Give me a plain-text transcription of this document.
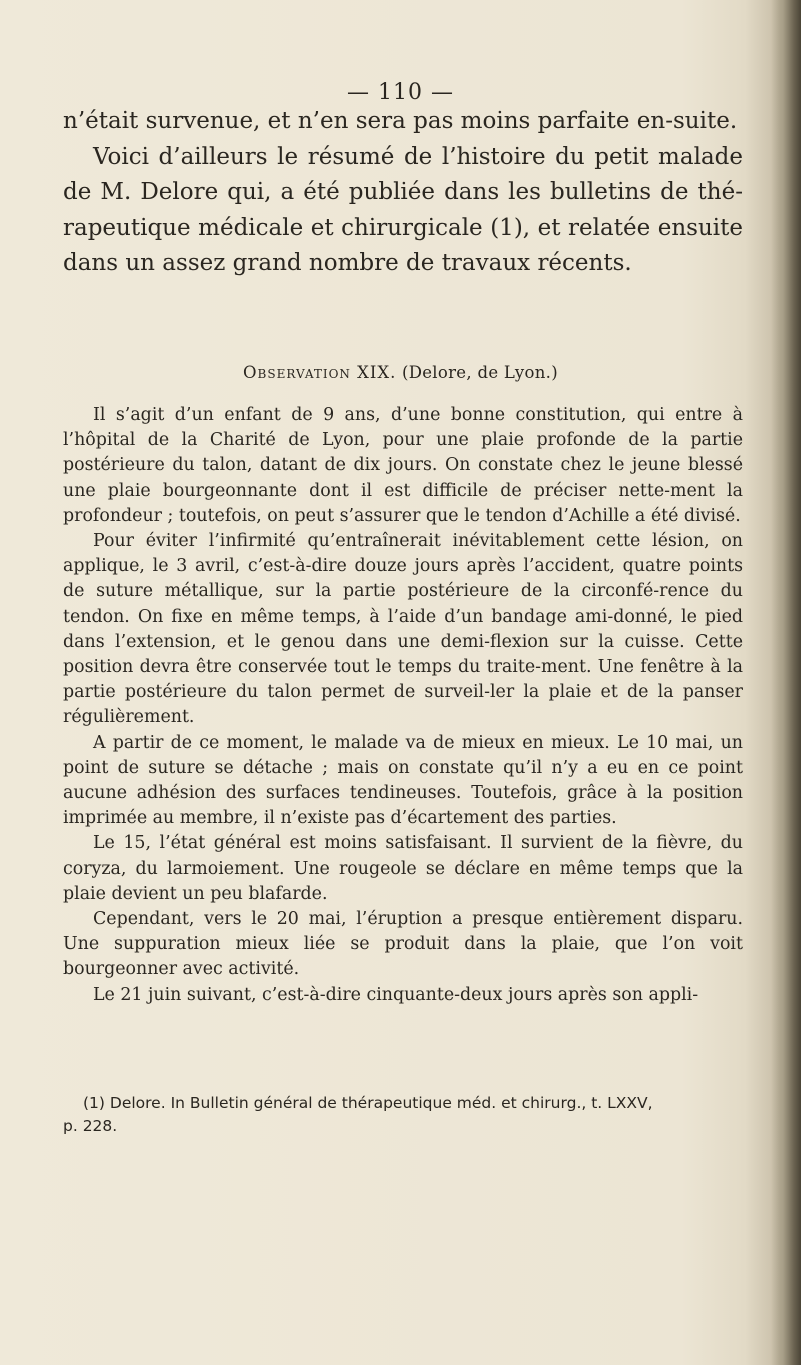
— 110 —

n’était survenue, et n’en sera pas moins parfaite en-suite.

Voici d’ailleurs le résumé de l’histoire du petit malade de M. Delore qui, a été publiée dans les bulletins de thé-rapeutique médicale et chirurgicale (1), et relatée ensuite dans un assez grand nombre de travaux récents.

Observation XIX. (Delore, de Lyon.)

Il s’agit d’un enfant de 9 ans, d’une bonne constitution, qui entre à l’hôpital de la Charité de Lyon, pour une plaie profonde de la partie postérieure du talon, datant de dix jours. On constate chez le jeune blessé une plaie bourgeonnante dont il est difficile de préciser nette-ment la profondeur ; toutefois, on peut s’assurer que le tendon d’Achille a été divisé.

Pour éviter l’infirmité qu’entraînerait inévitablement cette lésion, on applique, le 3 avril, c’est-à-dire douze jours après l’accident, quatre points de suture métallique, sur la partie postérieure de la circonfé-rence du tendon. On fixe en même temps, à l’aide d’un bandage ami-donné, le pied dans l’extension, et le genou dans une demi-flexion sur la cuisse. Cette position devra être conservée tout le temps du traite-ment. Une fenêtre à la partie postérieure du talon permet de surveil-ler la plaie et de la panser régulièrement.

A partir de ce moment, le malade va de mieux en mieux. Le 10 mai, un point de suture se détache ; mais on constate qu’il n’y a eu en ce point aucune adhésion des surfaces tendineuses. Toutefois, grâce à la position imprimée au membre, il n’existe pas d’écartement des parties.

Le 15, l’état général est moins satisfaisant. Il survient de la fièvre, du coryza, du larmoiement. Une rougeole se déclare en même temps que la plaie devient un peu blafarde.

Cependant, vers le 20 mai, l’éruption a presque entièrement disparu. Une suppuration mieux liée se produit dans la plaie, que l’on voit bourgeonner avec activité.

Le 21 juin suivant, c’est-à-dire cinquante-deux jours après son appli-

(1) Delore. In Bulletin général de thérapeutique méd. et chirurg., t. LXXV,

p. 228.
